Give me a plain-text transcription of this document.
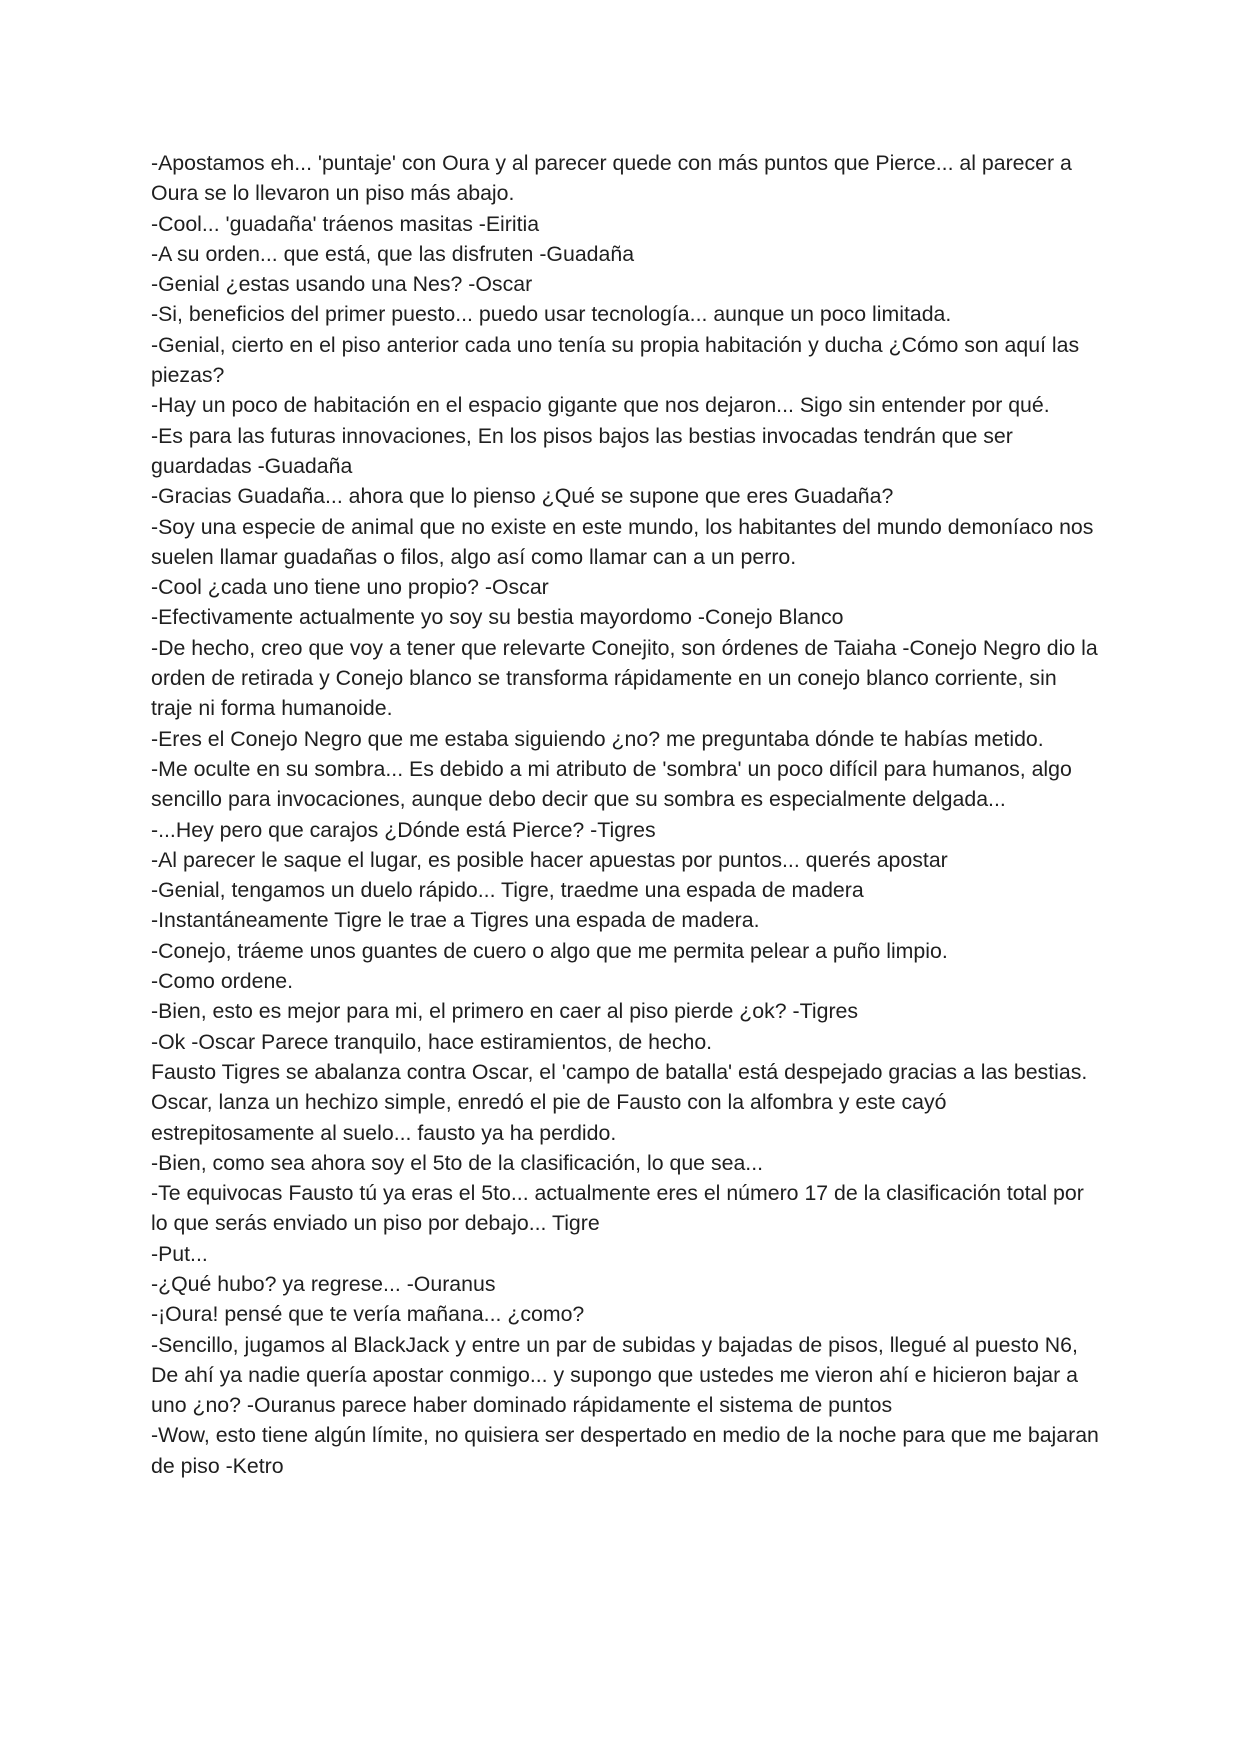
-Apostamos eh... 'puntaje' con Oura y al parecer quede con más puntos que Pierce... al parecer a Oura se lo llevaron un piso más abajo.

-Cool... 'guadaña' tráenos masitas -Eiritia

-A su orden... que está, que las disfruten -Guadaña

-Genial ¿estas usando una Nes? -Oscar

-Si, beneficios del primer puesto... puedo usar tecnología... aunque un poco limitada.

-Genial, cierto en el piso anterior cada uno tenía su propia habitación y ducha ¿Cómo son aquí las piezas?

-Hay un poco de habitación en el espacio gigante que nos dejaron... Sigo sin entender por qué.

-Es para las futuras innovaciones, En los pisos bajos las bestias invocadas tendrán que ser guardadas -Guadaña

-Gracias Guadaña... ahora que lo pienso ¿Qué se supone que eres Guadaña?

-Soy una especie de animal que no existe en este mundo, los habitantes del mundo demoníaco nos suelen llamar guadañas o filos, algo así como llamar can a un perro.

-Cool ¿cada uno tiene uno propio? -Oscar

-Efectivamente actualmente yo soy su bestia mayordomo -Conejo Blanco

-De hecho, creo que voy a tener que relevarte Conejito, son órdenes de Taiaha -Conejo Negro dio la orden de retirada y Conejo blanco se transforma rápidamente en un conejo blanco corriente, sin traje ni forma humanoide.

-Eres el Conejo Negro que me estaba siguiendo ¿no? me preguntaba dónde te habías metido.

-Me oculte en su sombra... Es debido a mi atributo de 'sombra' un poco difícil para humanos, algo sencillo para invocaciones, aunque debo decir que su sombra es especialmente delgada...

-...Hey pero que carajos ¿Dónde está Pierce? -Tigres

-Al parecer le saque el lugar, es posible hacer apuestas por puntos... querés apostar

-Genial, tengamos un duelo rápido... Tigre, traedme una espada de madera

-Instantáneamente Tigre le trae a Tigres una espada de madera.

-Conejo, tráeme unos guantes de cuero o algo que me permita pelear a puño limpio.

-Como ordene.

-Bien, esto es mejor para mi, el primero en caer al piso pierde ¿ok? -Tigres

-Ok -Oscar Parece tranquilo, hace estiramientos, de hecho.

Fausto Tigres se abalanza contra Oscar, el 'campo de batalla' está despejado gracias a las bestias. Oscar, lanza un hechizo simple, enredó el pie de Fausto con la alfombra y este cayó estrepitosamente al suelo... fausto ya ha perdido.

-Bien, como sea ahora soy el 5to de la clasificación, lo que sea...

-Te equivocas Fausto tú ya eras el 5to... actualmente eres el número 17 de la clasificación total por lo que serás enviado un piso por debajo... Tigre

-Put...

-¿Qué hubo? ya regrese... -Ouranus

-¡Oura! pensé que te vería mañana... ¿como?

-Sencillo, jugamos al BlackJack y entre un par de subidas y bajadas de pisos, llegué al puesto N6, De ahí ya nadie quería apostar conmigo... y supongo que ustedes me vieron ahí e hicieron bajar a uno ¿no? -Ouranus parece haber dominado rápidamente el sistema de puntos

-Wow, esto tiene algún límite, no quisiera ser despertado en medio de la noche para que me bajaran de piso -Ketro
